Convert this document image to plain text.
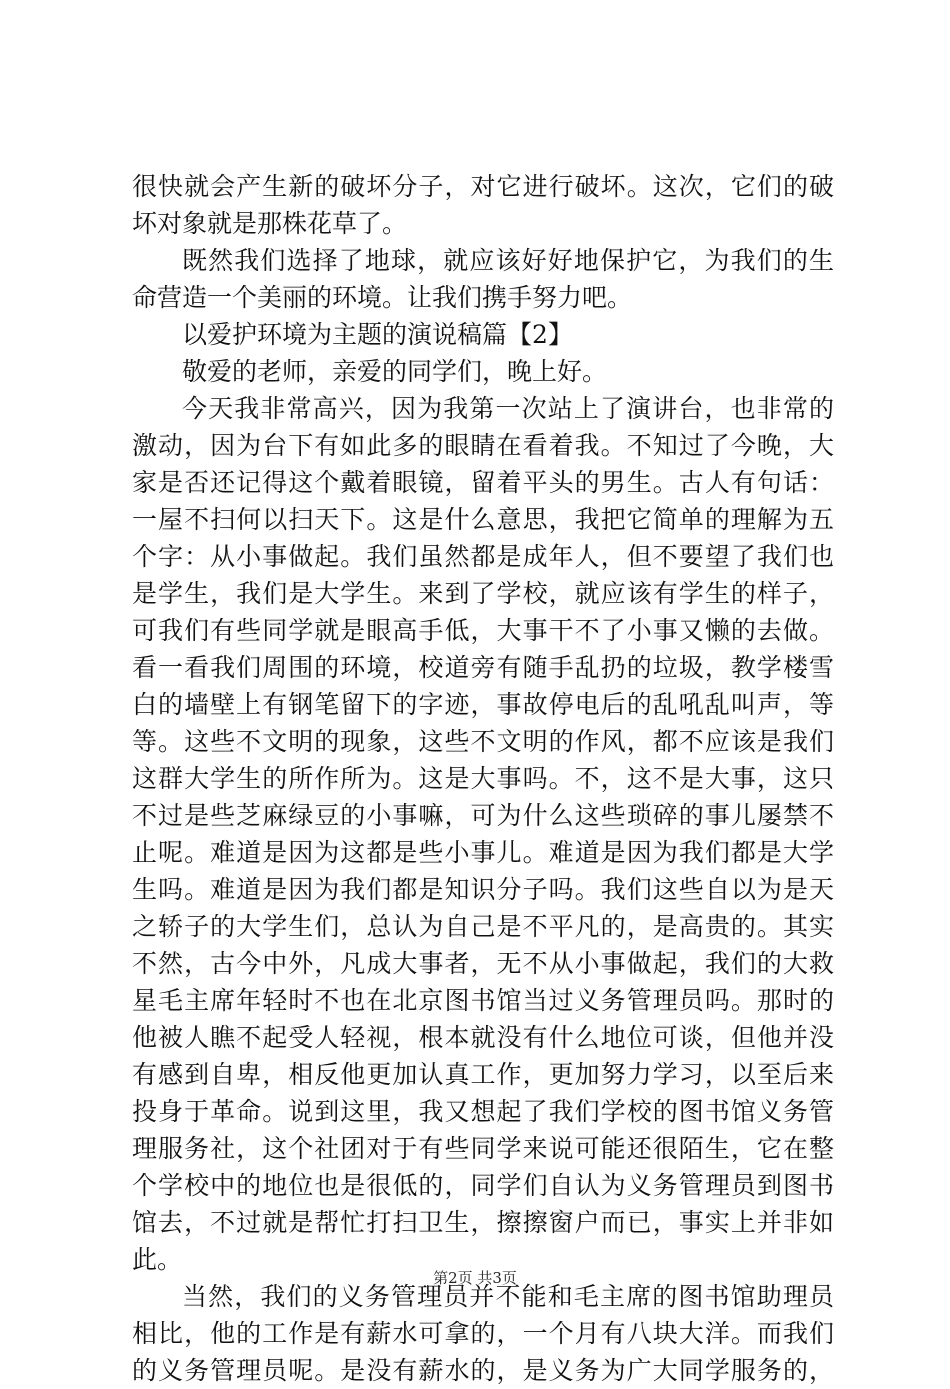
很快就会产生新的破坏分子，对它进行破坏。这次，它们的破
坏对象就是那株花草了。
既然我们选择了地球，就应该好好地保护它，为我们的生
命营造一个美丽的环境。让我们携手努力吧。
以爱护环境为主题的演说稿篇【2】
敬爱的老师，亲爱的同学们，晚上好。
今天我非常高兴，因为我第一次站上了演讲台，也非常的
激动，因为台下有如此多的眼睛在看着我。不知过了今晚，大
家是否还记得这个戴着眼镜，留着平头的男生。古人有句话：
一屋不扫何以扫天下。这是什么意思，我把它简单的理解为五
个字：从小事做起。我们虽然都是成年人，但不要望了我们也
是学生，我们是大学生。来到了学校，就应该有学生的样子，
可我们有些同学就是眼高手低，大事干不了小事又懒的去做。
看一看我们周围的环境，校道旁有随手乱扔的垃圾，教学楼雪
白的墙壁上有钢笔留下的字迹，事故停电后的乱吼乱叫声，等
等。这些不文明的现象，这些不文明的作风，都不应该是我们
这群大学生的所作所为。这是大事吗。不，这不是大事，这只
不过是些芝麻绿豆的小事嘛，可为什么这些琐碎的事儿屡禁不
止呢。难道是因为这都是些小事儿。难道是因为我们都是大学
生吗。难道是因为我们都是知识分子吗。我们这些自以为是天
之轿子的大学生们，总认为自己是不平凡的，是高贵的。其实
不然，古今中外，凡成大事者，无不从小事做起，我们的大救
星毛主席年轻时不也在北京图书馆当过义务管理员吗。那时的
他被人瞧不起受人轻视，根本就没有什么地位可谈，但他并没
有感到自卑，相反他更加认真工作，更加努力学习，以至后来
投身于革命。说到这里，我又想起了我们学校的图书馆义务管
理服务社，这个社团对于有些同学来说可能还很陌生，它在整
个学校中的地位也是很低的，同学们自认为义务管理员到图书
馆去，不过就是帮忙打扫卫生，擦擦窗户而已，事实上并非如
此。
当然，我们的义务管理员并不能和毛主席的图书馆助理员
相比，他的工作是有薪水可拿的，一个月有八块大洋。而我们
的义务管理员呢。是没有薪水的，是义务为广大同学服务的，
第2页 共3页
